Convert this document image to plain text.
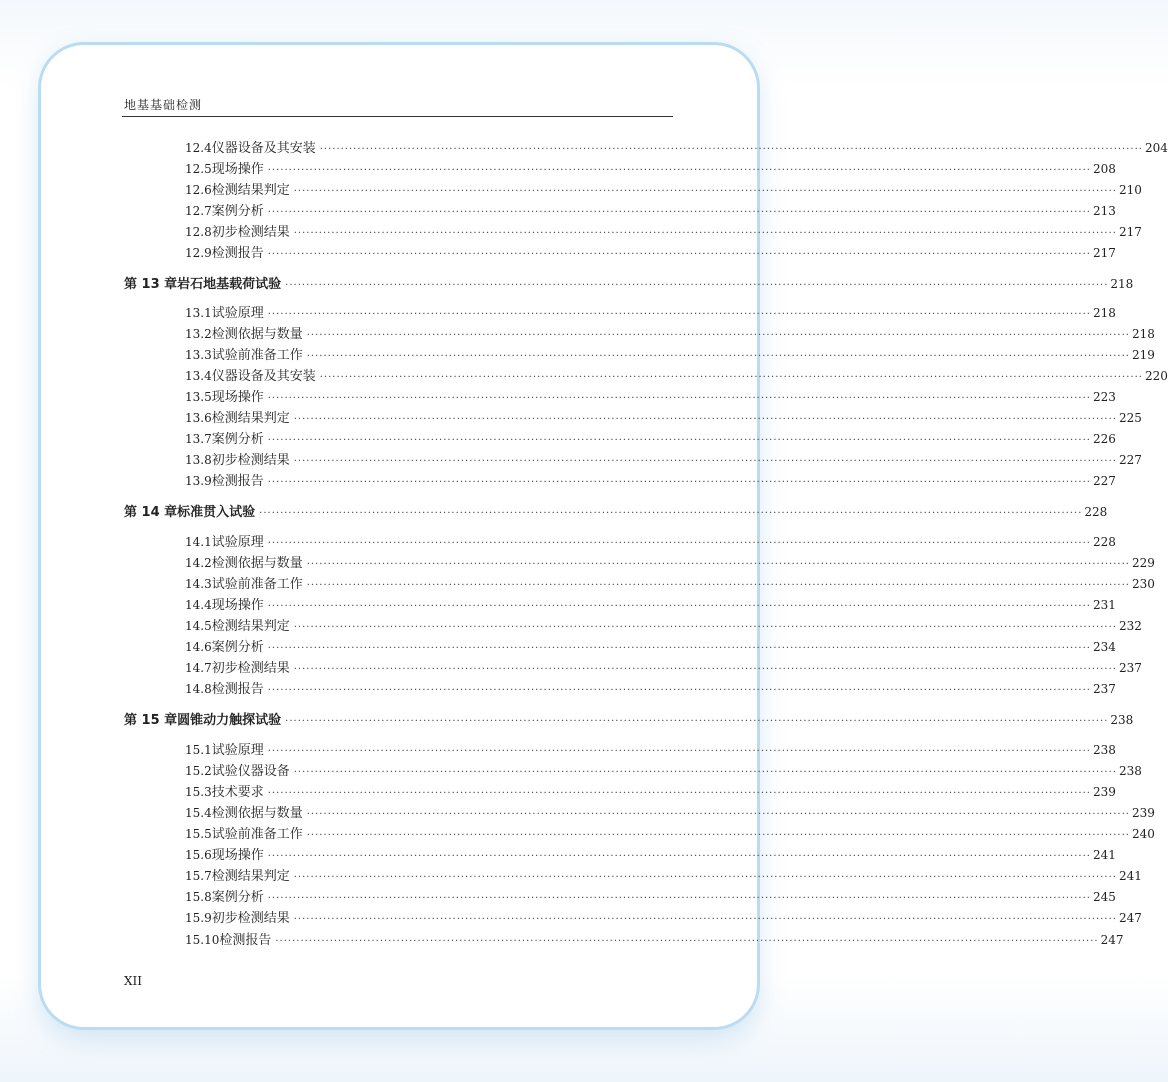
地基基础检测
12.4 仪器设备及其安装 ····································································································································································································· 204
12.5 现场操作 ····································································································································································································· 208
12.6 检测结果判定 ····································································································································································································· 210
12.7 案例分析 ····································································································································································································· 213
12.8 初步检测结果 ····································································································································································································· 217
12.9 检测报告 ····································································································································································································· 217
第 13 章 岩石地基载荷试验 ····································································································································································································· 218
13.1 试验原理 ····································································································································································································· 218
13.2 检测依据与数量 ····································································································································································································· 218
13.3 试验前准备工作 ····································································································································································································· 219
13.4 仪器设备及其安装 ····································································································································································································· 220
13.5 现场操作 ····································································································································································································· 223
13.6 检测结果判定 ····································································································································································································· 225
13.7 案例分析 ····································································································································································································· 226
13.8 初步检测结果 ····································································································································································································· 227
13.9 检测报告 ····································································································································································································· 227
第 14 章 标准贯入试验 ····································································································································································································· 228
14.1 试验原理 ····································································································································································································· 228
14.2 检测依据与数量 ····································································································································································································· 229
14.3 试验前准备工作 ····································································································································································································· 230
14.4 现场操作 ····································································································································································································· 231
14.5 检测结果判定 ····································································································································································································· 232
14.6 案例分析 ····································································································································································································· 234
14.7 初步检测结果 ····································································································································································································· 237
14.8 检测报告 ····································································································································································································· 237
第 15 章 圆锥动力触探试验 ····································································································································································································· 238
15.1 试验原理 ····································································································································································································· 238
15.2 试验仪器设备 ····································································································································································································· 238
15.3 技术要求 ····································································································································································································· 239
15.4 检测依据与数量 ····································································································································································································· 239
15.5 试验前准备工作 ····································································································································································································· 240
15.6 现场操作 ····································································································································································································· 241
15.7 检测结果判定 ····································································································································································································· 241
15.8 案例分析 ····································································································································································································· 245
15.9 初步检测结果 ····································································································································································································· 247
15.10 检测报告 ····································································································································································································· 247
XII
